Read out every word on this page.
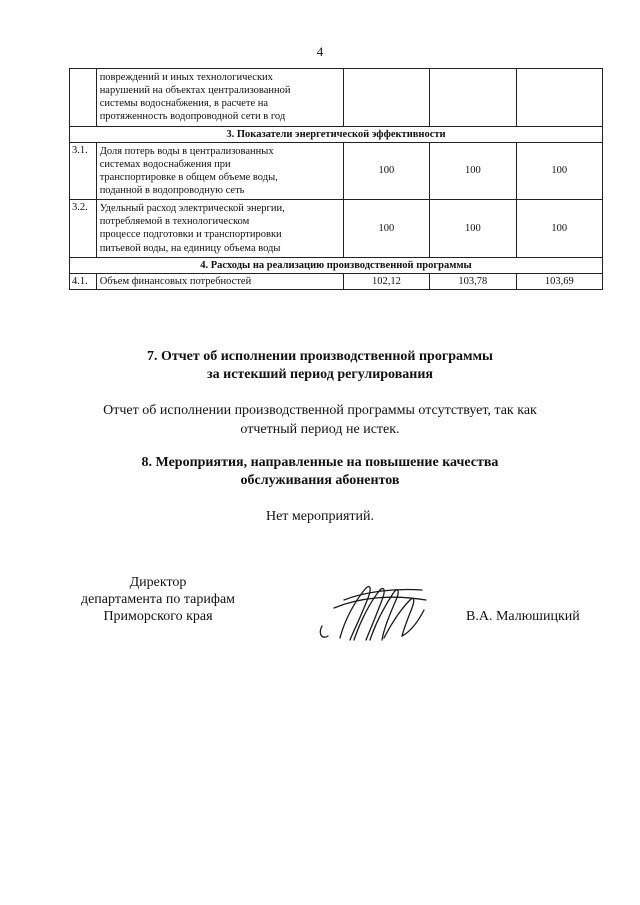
4

	повреждений и иных технологических
нарушений на объектах централизованной
системы водоснабжения, в расчете на
протяженность водопроводной сети в год			

3. Показатели энергетической эффективности				
3.1.	Доля потерь воды в централизованных
системах водоснабжения при
транспортировке в общем объеме воды,
поданной в водопроводную сеть	100	100	100
3.2.	Удельный расход электрической энергии,
потребляемой в технологическом
процессе подготовки и транспортировки
питьевой воды, на единицу объема воды	100	100	100
4. Расходы на реализацию производственной программы				
4.1.	Объем финансовых потребностей	102,12	103,78	103,69
7. Отчет об исполнении производственной программы
за истекший период регулирования
Отчет об исполнении производственной программы отсутствует, так как
отчетный период не истек.
8. Мероприятия, направленные на повышение качества
обслуживания абонентов
Нет мероприятий.
Директор
департамента по тарифам
Приморского края	В.А. Малюшицкий
